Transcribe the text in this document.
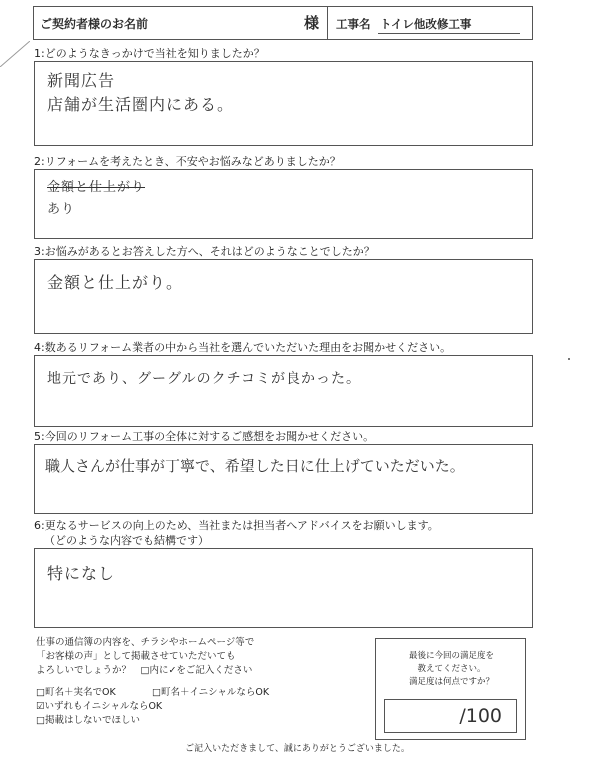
ご契約者様のお名前	様 工事名 トイレ他改修工事
1:どのようなきっかけで当社を知りましたか？
新聞広告
店舗が生活圏内にある。
2:リフォームを考えたとき、不安やお悩みなどありましたか？
金額と仕上がり
あり
3:お悩みがあるとお答えした方へ、それはどのようなことでしたか？
金額と仕上がり。
4:数あるリフォーム業者の中から当社を選んでいただいた理由をお聞かせください。
地元であり、グーグルのクチコミが良かった。
5:今回のリフォーム工事の全体に対するご感想をお聞かせください。
職人さんが仕事が丁寧で、希望した日に仕上げていただいた。
6:更なるサービスの向上のため、当社または担当者へアドバイスをお願いします。
（どのような内容でも結構です）
特になし
仕事の通信簿の内容を、チラシやホームページ等で
「お客様の声」として掲載させていただいても
よろしいでしょうか？　□内に✓をご記入ください
□町名＋実名でOK	□町名＋イニシャルならOK
☑いずれもイニシャルならOK
□掲載はしないでほしい
最後に今回の満足度を
教えてください。
満足度は何点ですか？
/100
ご記入いただきまして、誠にありがとうございました。
